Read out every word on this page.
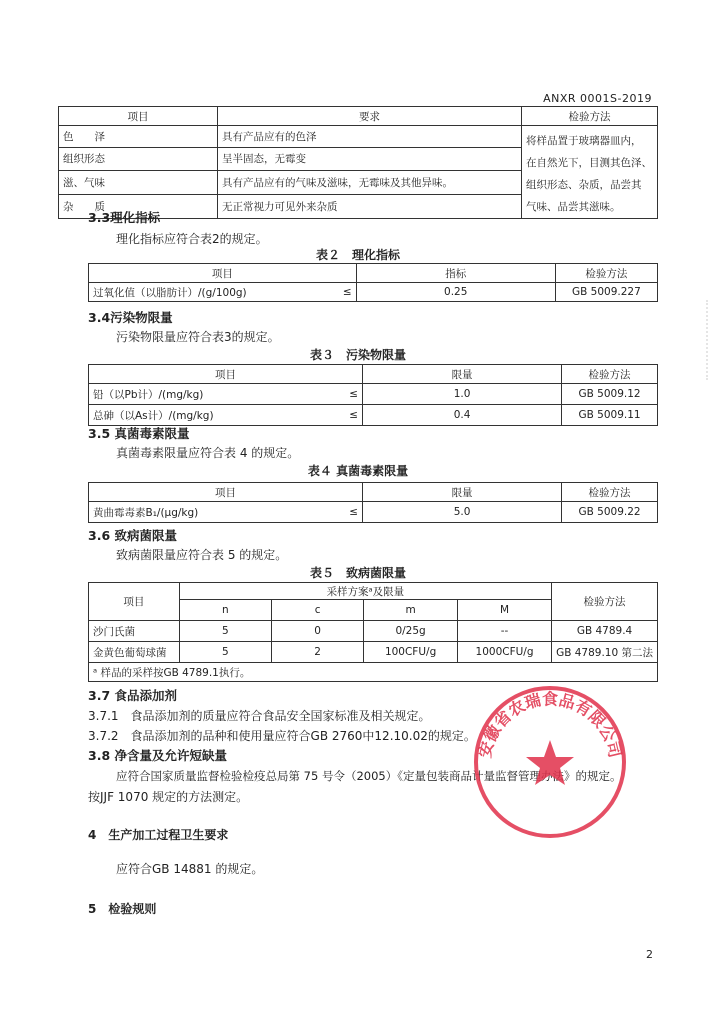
ANXR 0001S-2019
项目	要求	检验方法
色　　泽	具有产品应有的色泽	将样品置于玻璃器皿内，
在自然光下，目测其色泽、
组织形态、杂质，品尝其
气味、品尝其滋味。

组织形态	呈半固态，无霉变	
滋、气味	具有产品应有的气味及滋味，无霉味及其他异味。	
杂　　质	无正常视力可见外来杂质	
3.3理化指标
理化指标应符合表2的规定。
表２　理化指标
项目		指标	检验方法
过氧化值（以脂肪计）/(g/100g)	≤	0.25	GB 5009.227
3.4污染物限量
污染物限量应符合表3的规定。
表３　污染物限量
项目		限量	检验方法
铅（以Pb计）/(mg/kg)	≤	1.0	GB 5009.12
总砷（以As计）/(mg/kg)	≤	0.4	GB 5009.11
3.5 真菌毒素限量
真菌毒素限量应符合表 4 的规定。
表４ 真菌毒素限量
项目		限量	检验方法
黄曲霉毒素B₁/(μg/kg)	≤	5.0	GB 5009.22
3.6 致病菌限量
致病菌限量应符合表 5 的规定。
表５　致病菌限量
项目	采样方案ᵃ及限量				检验方法
	n	c	m	M	
沙门氏菌	5	0	0/25g	--	GB 4789.4
金黄色葡萄球菌	5	2	100CFU/g	1000CFU/g	GB 4789.10 第二法
ᵃ 样品的采样按GB 4789.1执行。					
3.7 食品添加剂
3.7.1　食品添加剂的质量应符合食品安全国家标准及相关规定。
3.7.2　食品添加剂的品种和使用量应符合GB 2760中12.10.02的规定。
3.8 净含量及允许短缺量
应符合国家质量监督检验检疫总局第 75 号令（2005）《定量包装商品计量监督管理办法》的规定。
按JJF 1070 规定的方法测定。
4　生产加工过程卫生要求
应符合GB 14881 的规定。
5　检验规则
安徽省农瑞食品有限公司
2
